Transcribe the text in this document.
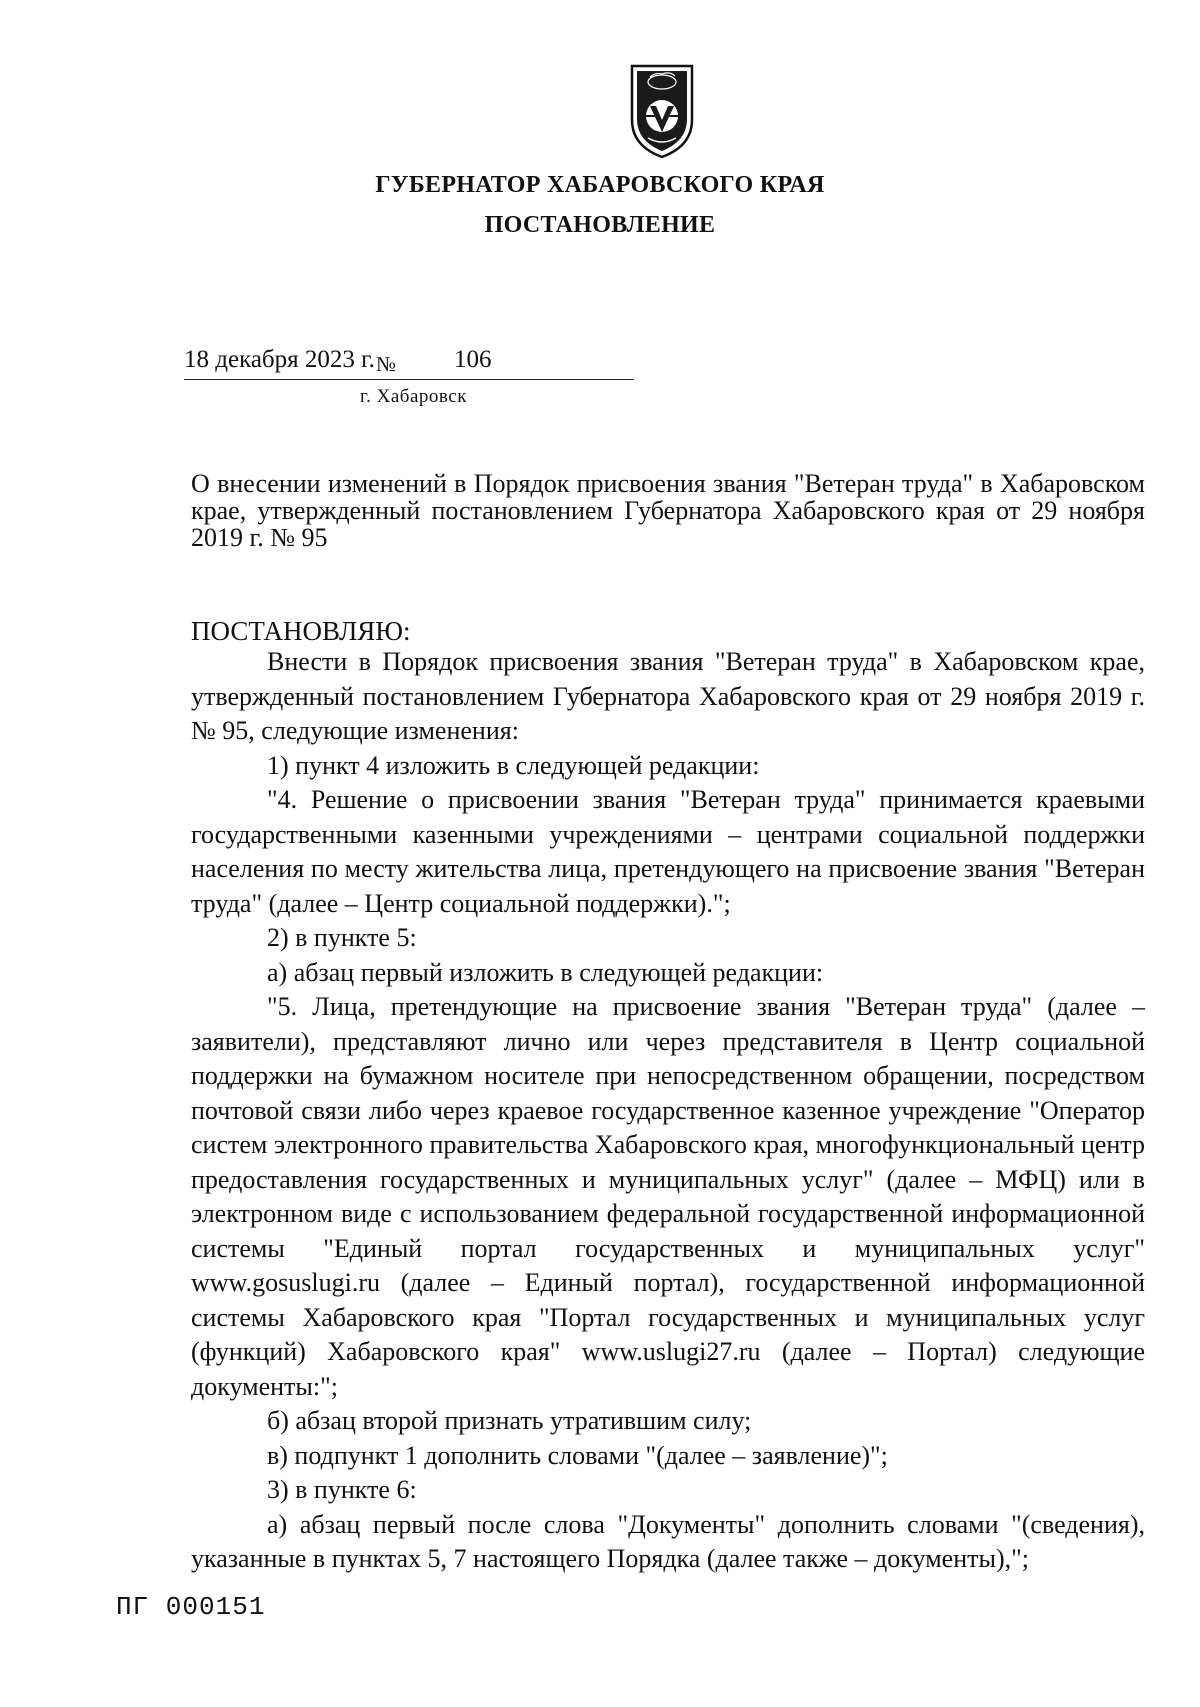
ГУБЕРНАТОР ХАБАРОВСКОГО КРАЯ
ПОСТАНОВЛЕНИЕ
18 декабря 2023 г. № 106
г. Хабаровск
О внесении изменений в Порядок присвоения звания "Ветеран труда" в Хабаровском крае, утвержденный постановлением Губернатора Хабаровского края от 29 ноября 2019 г. № 95
ПОСТАНОВЛЯЮ:

Внести в Порядок присвоения звания "Ветеран труда" в Хабаровском крае, утвержденный постановлением Губернатора Хабаровского края от 29 ноября 2019 г. № 95, следующие изменения:

1) пункт 4 изложить в следующей редакции:

"4. Решение о присвоении звания "Ветеран труда" принимается краевыми государственными казенными учреждениями – центрами социальной поддержки населения по месту жительства лица, претендующего на присвоение звания "Ветеран труда" (далее – Центр социальной поддержки).";

2) в пункте 5:

а) абзац первый изложить в следующей редакции:

"5. Лица, претендующие на присвоение звания "Ветеран труда" (далее – заявители), представляют лично или через представителя в Центр социальной поддержки на бумажном носителе при непосредственном обращении, посредством почтовой связи либо через краевое государственное казенное учреждение "Оператор систем электронного правительства Хабаровского края, многофункциональный центр предоставления государственных и муниципальных услуг" (далее – МФЦ) или в электронном виде с использованием федеральной государственной информационной системы "Единый портал государственных и муниципальных услуг" www.gosuslugi.ru (далее – Единый портал), государственной информационной системы Хабаровского края "Портал государственных и муниципальных услуг (функций) Хабаровского края" www.uslugi27.ru (далее – Портал) следующие документы:";

б) абзац второй признать утратившим силу;

в) подпункт 1 дополнить словами "(далее – заявление)";

3) в пункте 6:

а) абзац первый после слова "Документы" дополнить словами "(сведения), указанные в пунктах 5, 7 настоящего Порядка (далее также – документы),";

ПГ 000151
